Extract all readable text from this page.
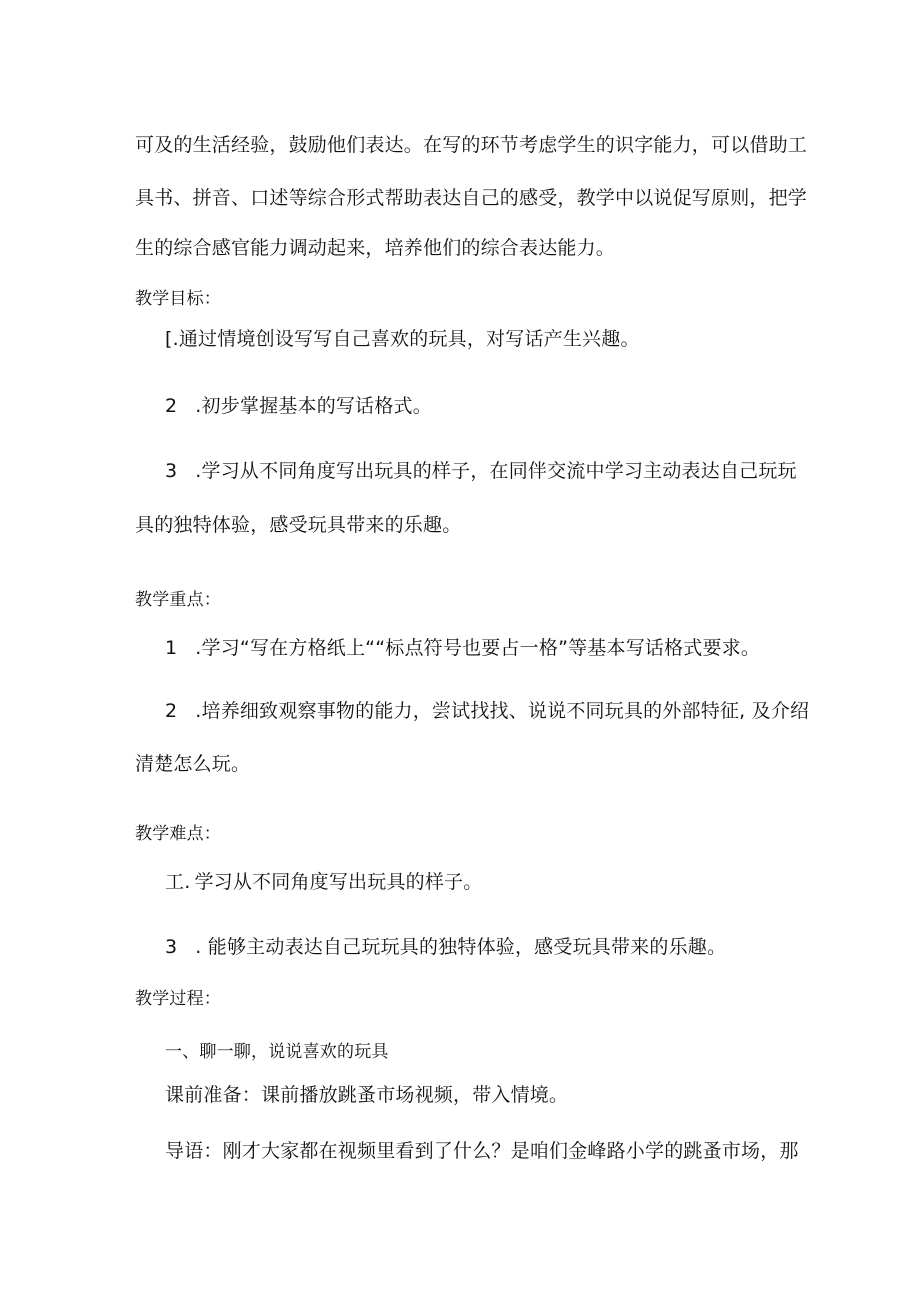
可及的生活经验，鼓励他们表达。在写的环节考虑学生的识字能力，可以借助工
具书、拼音、口述等综合形式帮助表达自己的感受，教学中以说促写原则，把学
生的综合感官能力调动起来，培养他们的综合表达能力。
教学目标：
[.通过情境创设写写自己喜欢的玩具，对写话产生兴趣。
2 .初步掌握基本的写话格式。
3 .学习从不同角度写出玩具的样子，在同伴交流中学习主动表达自己玩玩
具的独特体验，感受玩具带来的乐趣。
教学重点：
1 .学习“写在方格纸上““标点符号也要占一格”等基本写话格式要求。
2 .培养细致观察事物的能力，尝试找找、说说不同玩具的外部特征, 及介绍
清楚怎么玩。
教学难点：
工. 学习从不同角度写出玩具的样子。
3 . 能够主动表达自己玩玩具的独特体验，感受玩具带来的乐趣。
教学过程：
一、聊一聊，说说喜欢的玩具
课前准备：课前播放跳蚤市场视频，带入情境。
导语：刚才大家都在视频里看到了什么？是咱们金峰路小学的跳蚤市场，那
